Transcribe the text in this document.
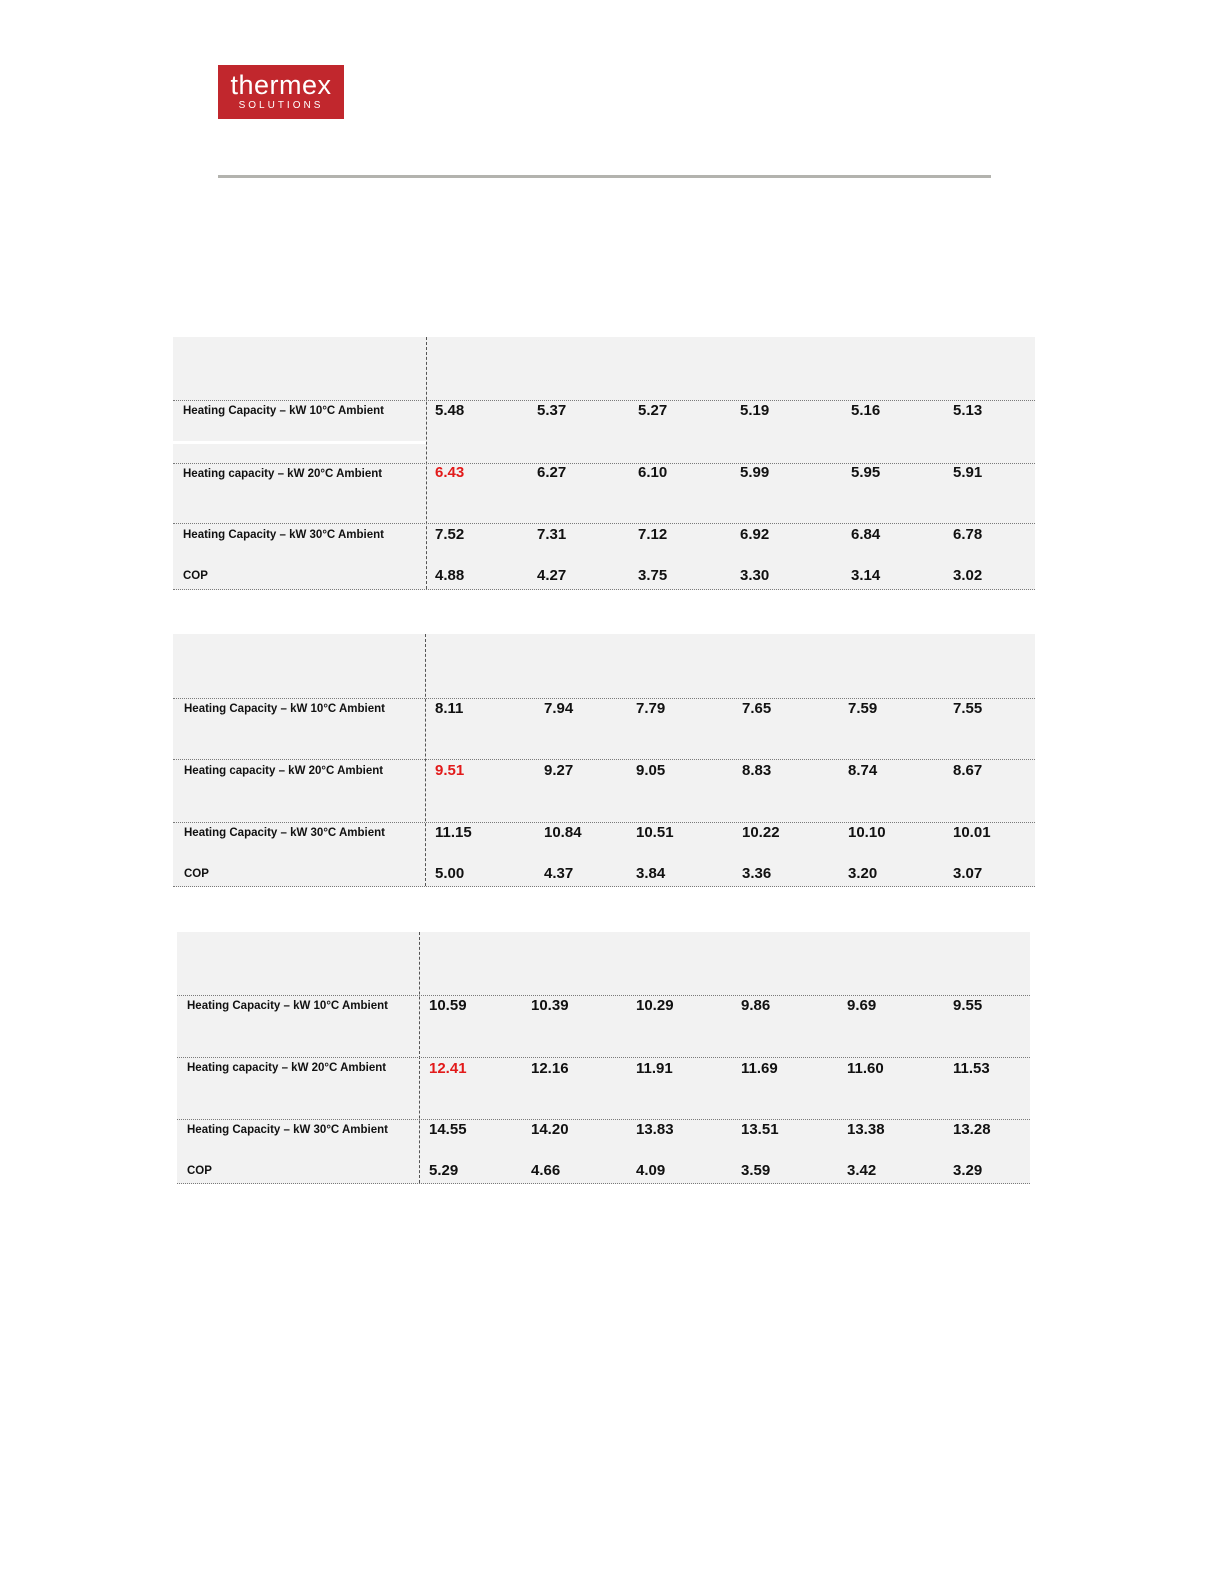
thermex
SOLUTIONS
Heating Capacity – kW 10°C Ambient	5.48	5.37	5.27	5.19	5.16	5.13
Heating capacity – kW 20°C Ambient	6.43	6.27	6.10	5.99	5.95	5.91
Heating Capacity – kW 30°C Ambient	7.52	7.31	7.12	6.92	6.84	6.78
COP	4.88	4.27	3.75	3.30	3.14	3.02
Heating Capacity – kW 10°C Ambient	8.11	7.94	7.79	7.65	7.59	7.55
Heating capacity – kW 20°C Ambient	9.51	9.27	9.05	8.83	8.74	8.67
Heating Capacity – kW 30°C Ambient	11.15	10.84	10.51	10.22	10.10	10.01
COP	5.00	4.37	3.84	3.36	3.20	3.07
Heating Capacity – kW 10°C Ambient	10.59	10.39	10.29	9.86	9.69	9.55
Heating capacity – kW 20°C Ambient	12.41	12.16	11.91	11.69	11.60	11.53
Heating Capacity – kW 30°C Ambient	14.55	14.20	13.83	13.51	13.38	13.28
COP	5.29	4.66	4.09	3.59	3.42	3.29
